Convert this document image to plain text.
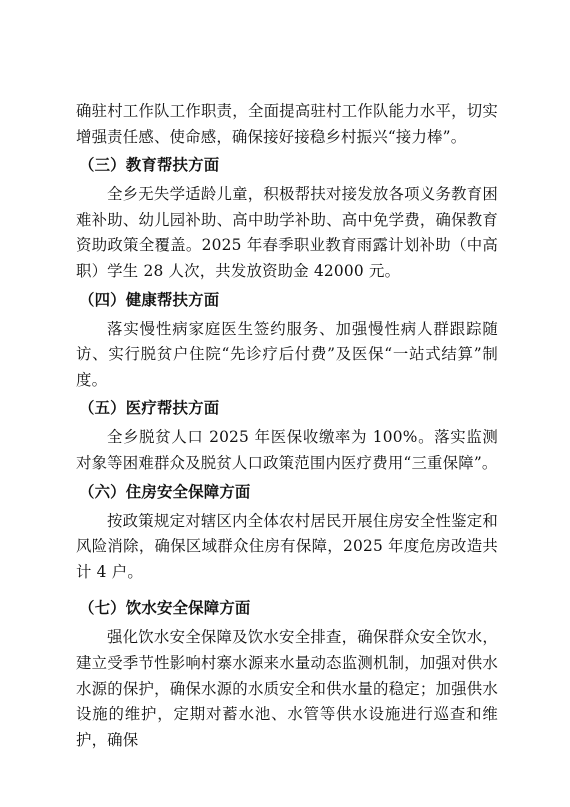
确驻村工作队工作职责，全面提高驻村工作队能力水平，切实增强责任感、使命感，确保接好接稳乡村振兴“接力棒”。

（三）教育帮扶方面

全乡无失学适龄儿童，积极帮扶对接发放各项义务教育困难补助、幼儿园补助、高中助学补助、高中免学费，确保教育资助政策全覆盖。2025 年春季职业教育雨露计划补助（中高职）学生 28 人次，共发放资助金 42000 元。

（四）健康帮扶方面

落实慢性病家庭医生签约服务、加强慢性病人群跟踪随访、实行脱贫户住院“先诊疗后付费”及医保“一站式结算”制度。

（五）医疗帮扶方面

全乡脱贫人口 2025 年医保收缴率为 100%。落实监测对象等困难群众及脱贫人口政策范围内医疗费用“三重保障”。

（六）住房安全保障方面

按政策规定对辖区内全体农村居民开展住房安全性鉴定和风险消除，确保区域群众住房有保障，2025 年度危房改造共计 4 户。

（七）饮水安全保障方面

强化饮水安全保障及饮水安全排查，确保群众安全饮水，建立受季节性影响村寨水源来水量动态监测机制，加强对供水水源的保护，确保水源的水质安全和供水量的稳定；加强供水设施的维护，定期对蓄水池、水管等供水设施进行巡查和维护，确保
